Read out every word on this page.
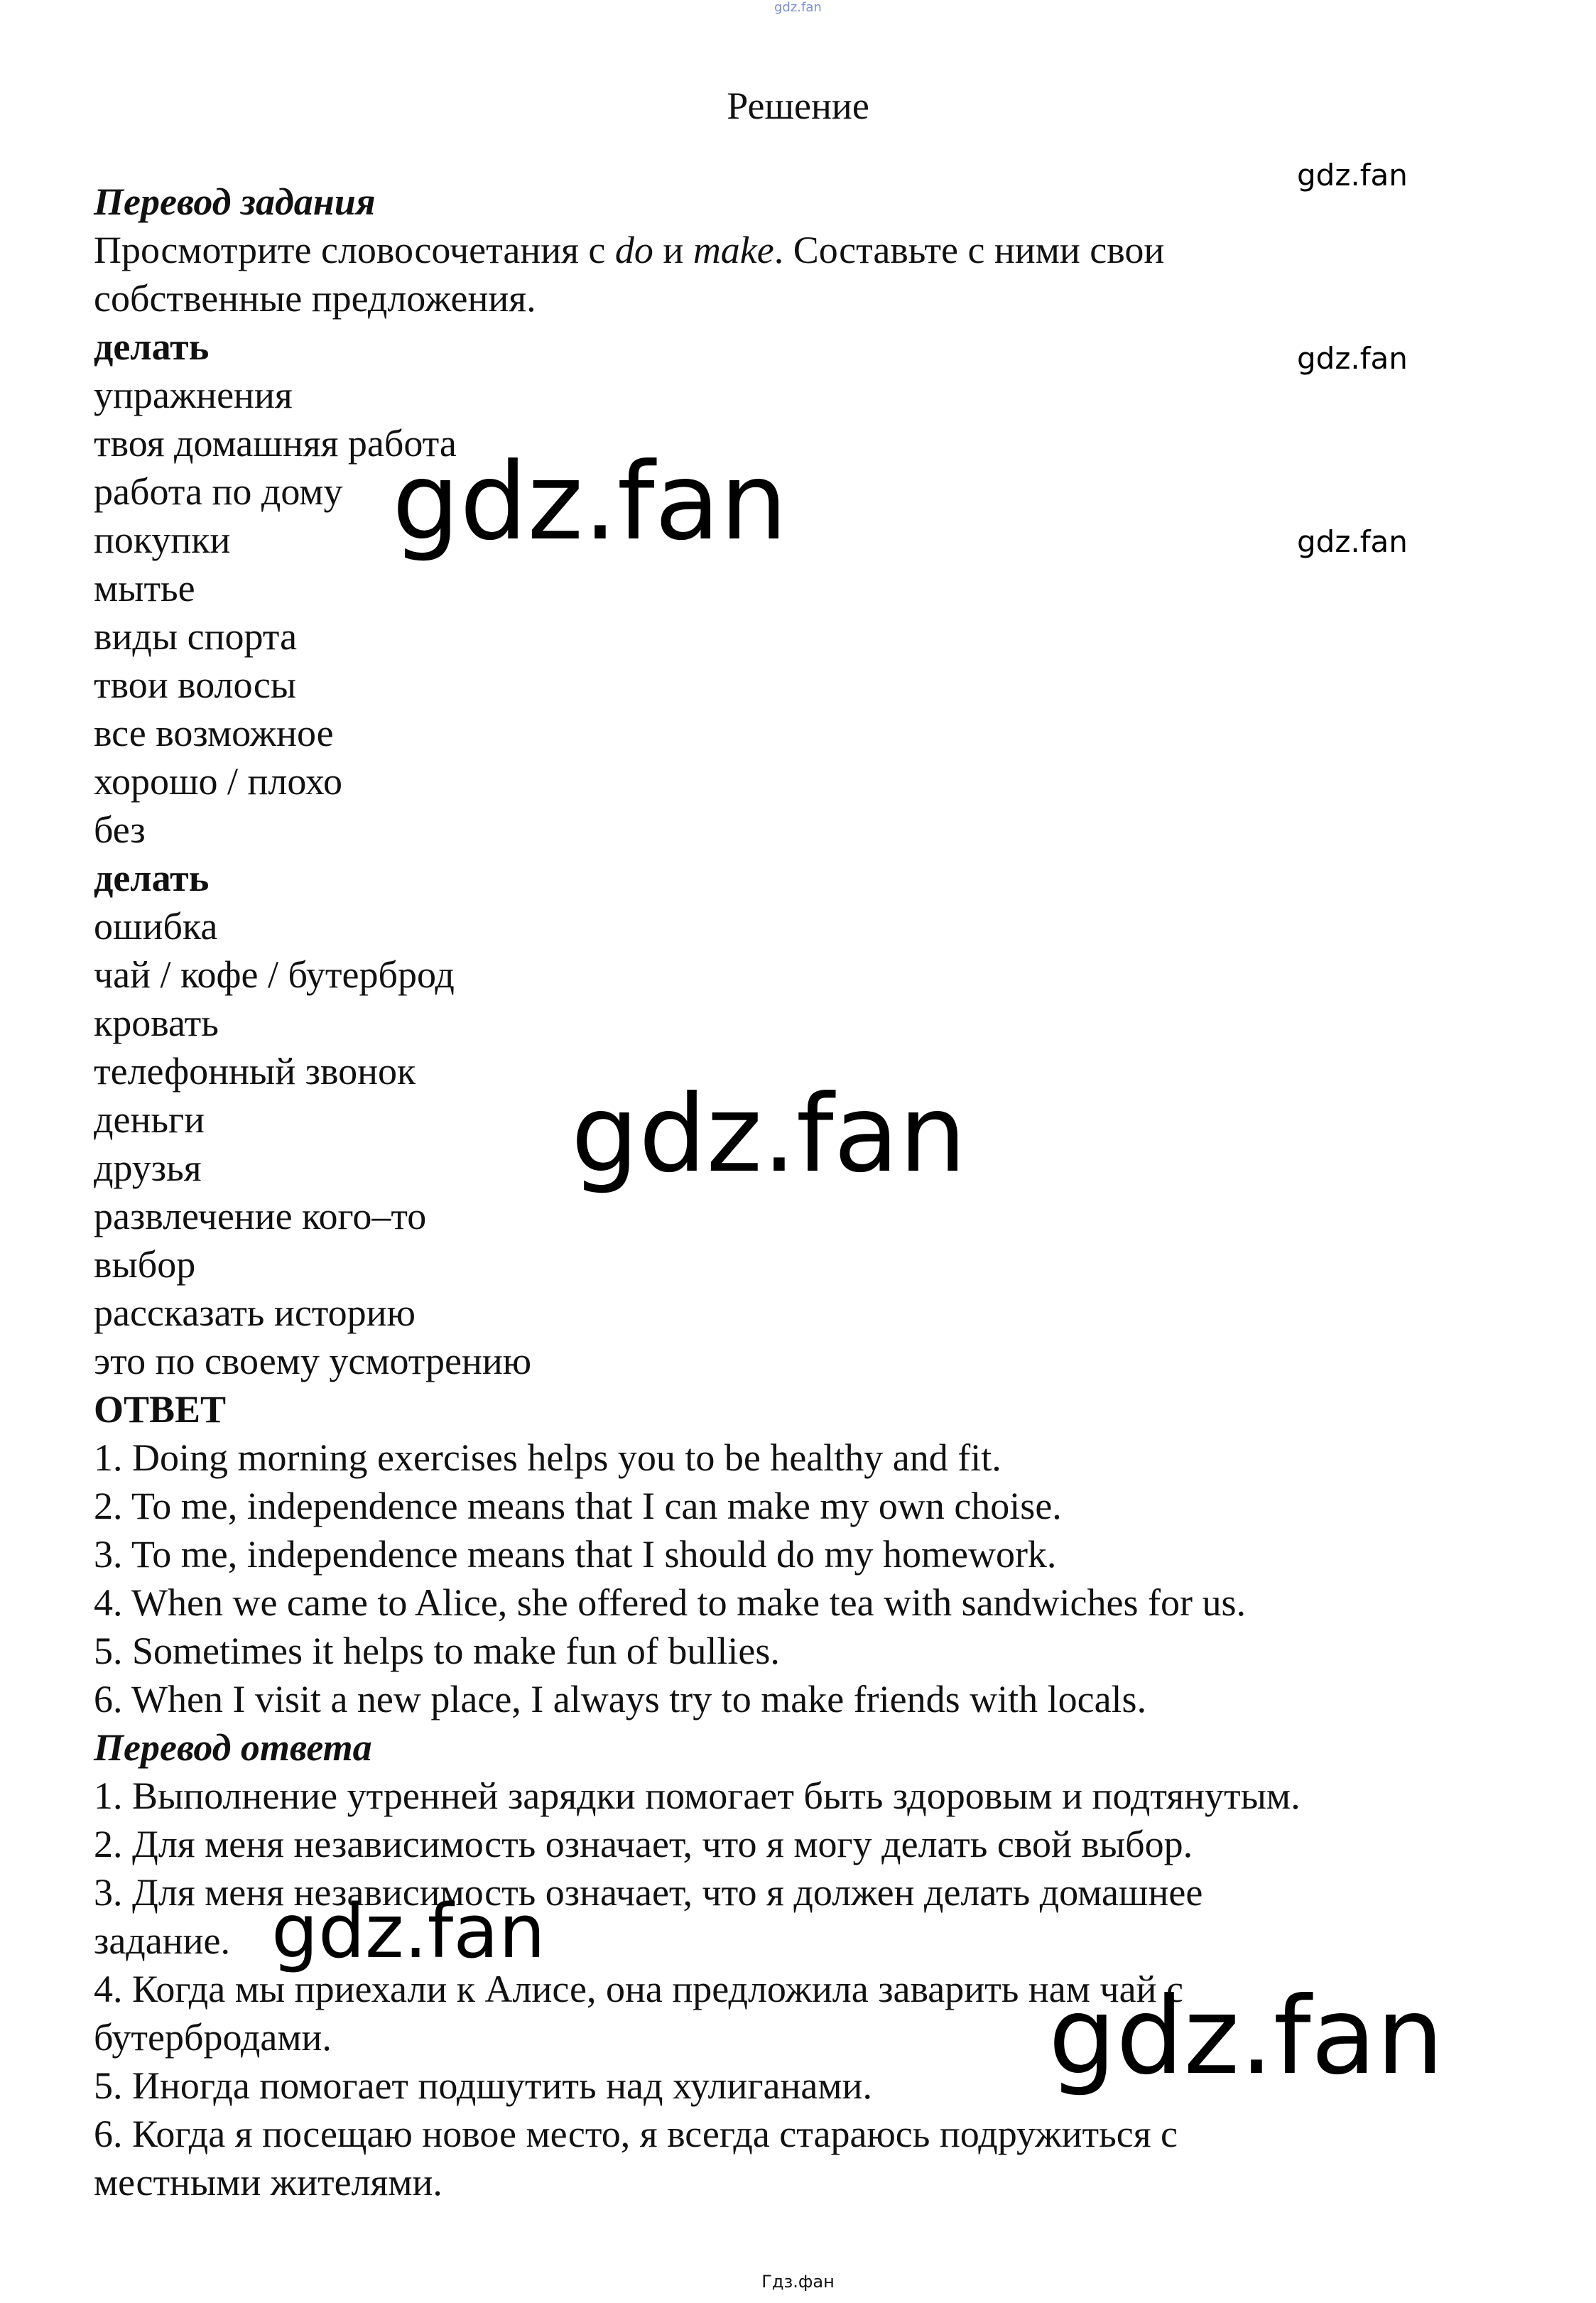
gdz.fan
Решение
Перевод задания
Просмотрите словосочетания с do и make. Составьте с ними свои
собственные предложения.
делать
упражнения
твоя домашняя работа
работа по дому
покупки
мытье
виды спорта
твои волосы
все возможное
хорошо / плохо
без
делать
ошибка
чай / кофе / бутерброд
кровать
телефонный звонок
деньги
друзья
развлечение кого–то
выбор
рассказать историю
это по своему усмотрению
ОТВЕТ
1. Doing morning exercises helps you to be healthy and fit.
2. To me, independence means that I can make my own choise.
3. To me, independence means that I should do my homework.
4. When we came to Alice, she offered to make tea with sandwiches for us.
5. Sometimes it helps to make fun of bullies.
6. When I visit a new place, I always try to make friends with locals.
Перевод ответа
1. Выполнение утренней зарядки помогает быть здоровым и подтянутым.
2. Для меня независимость означает, что я могу делать свой выбор.
3. Для меня независимость означает, что я должен делать домашнее
задание.
4. Когда мы приехали к Алисе, она предложила заварить нам чай с
бутербродами.
5. Иногда помогает подшутить над хулиганами.
6. Когда я посещаю новое место, я всегда стараюсь подружиться с
местными жителями.
gdz.fan
gdz.fan
gdz.fan
gdz.fan
gdz.fan
gdz.fan
gdz.fan
Гдз.фан
